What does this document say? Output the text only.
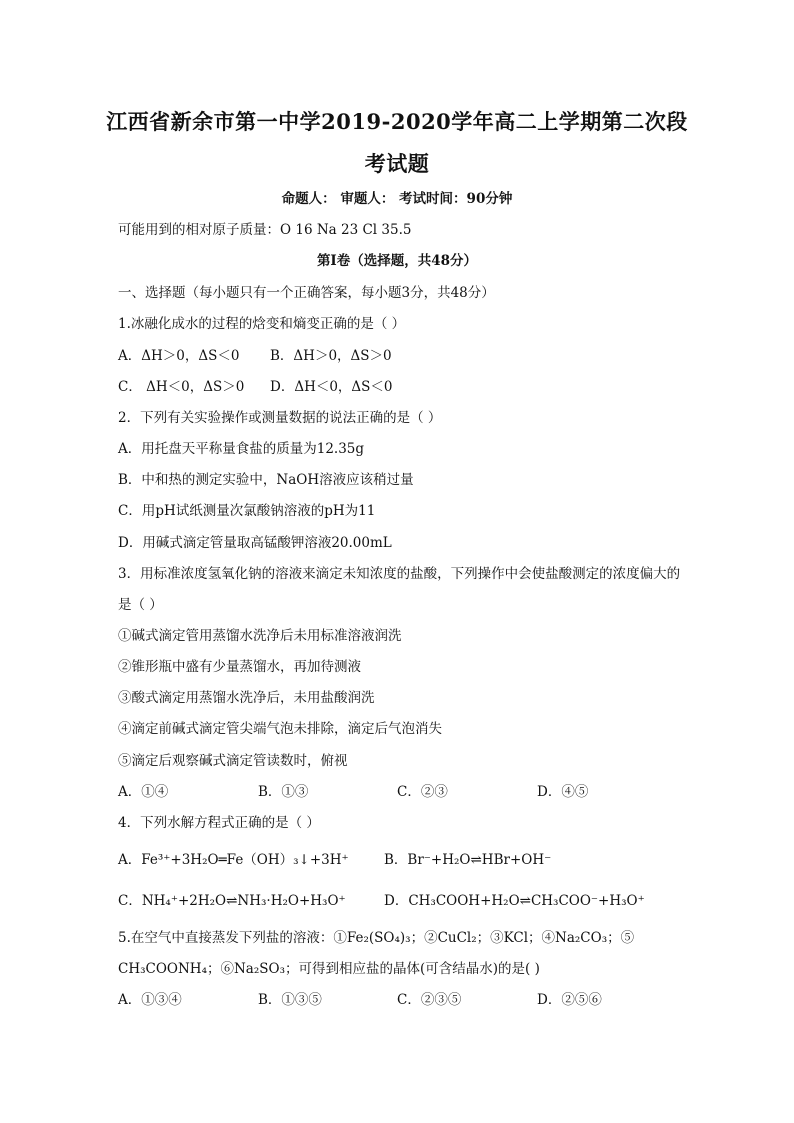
江西省新余市第一中学2019-2020学年高二上学期第二次段
考试题
命题人： 审题人： 考试时间：90分钟
可能用到的相对原子质量：O 16 Na 23 Cl 35.5
第I卷（选择题，共48分）
一、选择题（每小题只有一个正确答案，每小题3分，共48分）
1.冰融化成水的过程的焓变和熵变正确的是（ ）
A．ΔH＞0，ΔS＜0 B．ΔH＞0，ΔS＞0
C． ΔH＜0，ΔS＞0 D．ΔH＜0，ΔS＜0
2．下列有关实验操作或测量数据的说法正确的是（ ）
A．用托盘天平称量食盐的质量为12.35g
B．中和热的测定实验中，NaOH溶液应该稍过量
C．用pH试纸测量次氯酸钠溶液的pH为11
D．用碱式滴定管量取高锰酸钾溶液20.00mL
3．用标准浓度氢氧化钠的溶液来滴定未知浓度的盐酸，下列操作中会使盐酸测定的浓度偏大的
是（ ）
①碱式滴定管用蒸馏水洗净后未用标准溶液润洗
②锥形瓶中盛有少量蒸馏水，再加待测液
③酸式滴定用蒸馏水洗净后，未用盐酸润洗
④滴定前碱式滴定管尖端气泡未排除，滴定后气泡消失
⑤滴定后观察碱式滴定管读数时，俯视
A．①④	B．①③	C．②③	D．④⑤
4．下列水解方程式正确的是（ ）
A．Fe³⁺+3H₂O═Fe（OH）₃↓+3H⁺	B．Br⁻+H₂O⇌HBr+OH⁻
C．NH₄⁺+2H₂O⇌NH₃·H₂O+H₃O⁺	D．CH₃COOH+H₂O⇌CH₃COO⁻+H₃O⁺
5.在空气中直接蒸发下列盐的溶液：①Fe₂(SO₄)₃；②CuCl₂；③KCl；④Na₂CO₃；⑤
CH₃COONH₄；⑥Na₂SO₃；可得到相应盐的晶体(可含结晶水)的是( )
A．①③④	B．①③⑤	C．②③⑤	D．②⑤⑥
